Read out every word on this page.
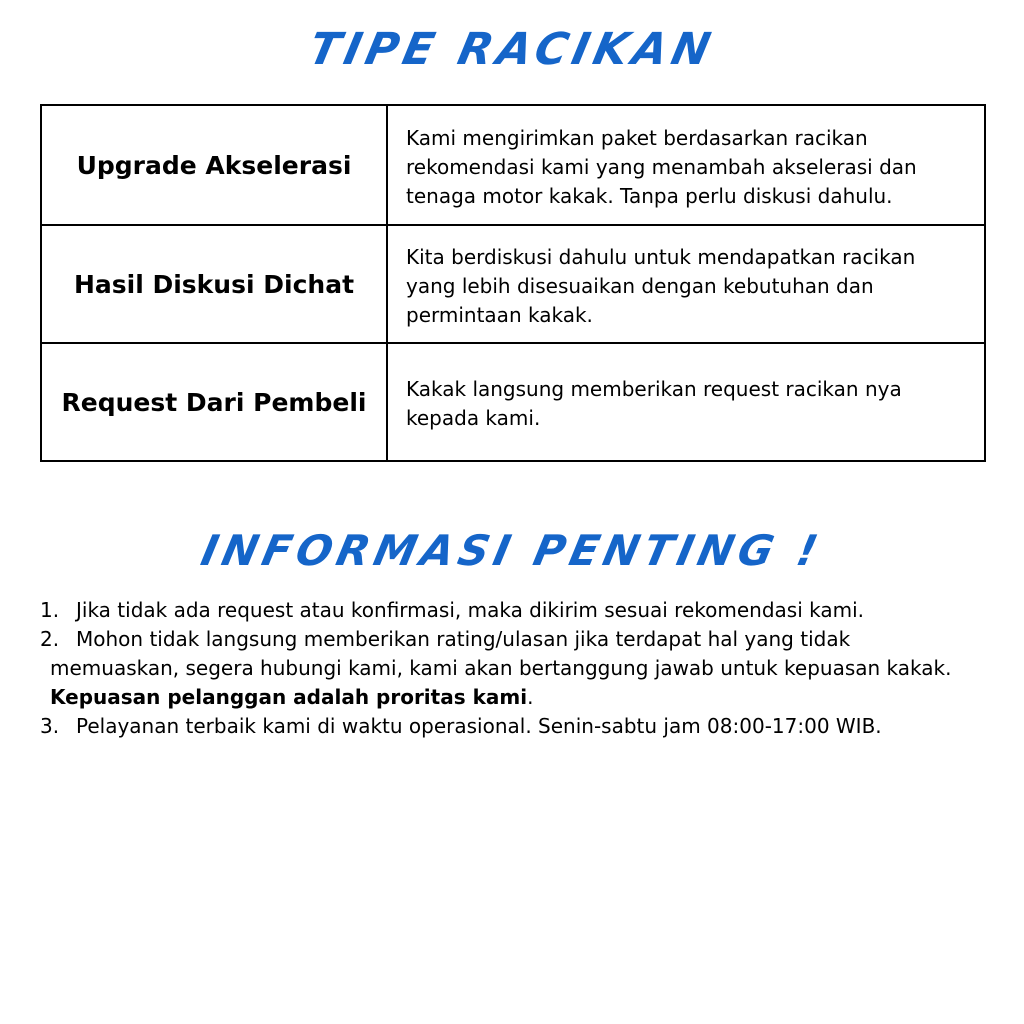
TIPE RACIKAN
Upgrade Akselerasi
Kami mengirimkan paket berdasarkan racikan rekomendasi kami yang menambah akselerasi dan tenaga motor kakak. Tanpa perlu diskusi dahulu.
Hasil Diskusi Dichat
Kita berdiskusi dahulu untuk mendapatkan racikan yang lebih disesuaikan dengan kebutuhan dan permintaan kakak.
Request Dari Pembeli	Kakak langsung memberikan request racikan nya kepada kami.
INFORMASI PENTING !
1. Jika tidak ada request atau konfirmasi, maka dikirim sesuai rekomendasi kami.
2. Mohon tidak langsung memberikan rating/ulasan jika terdapat hal yang tidak
memuaskan, segera hubungi kami, kami akan bertanggung jawab untuk kepuasan kakak.
Kepuasan pelanggan adalah proritas kami.
3. Pelayanan terbaik kami di waktu operasional. Senin-sabtu jam 08:00-17:00 WIB.
